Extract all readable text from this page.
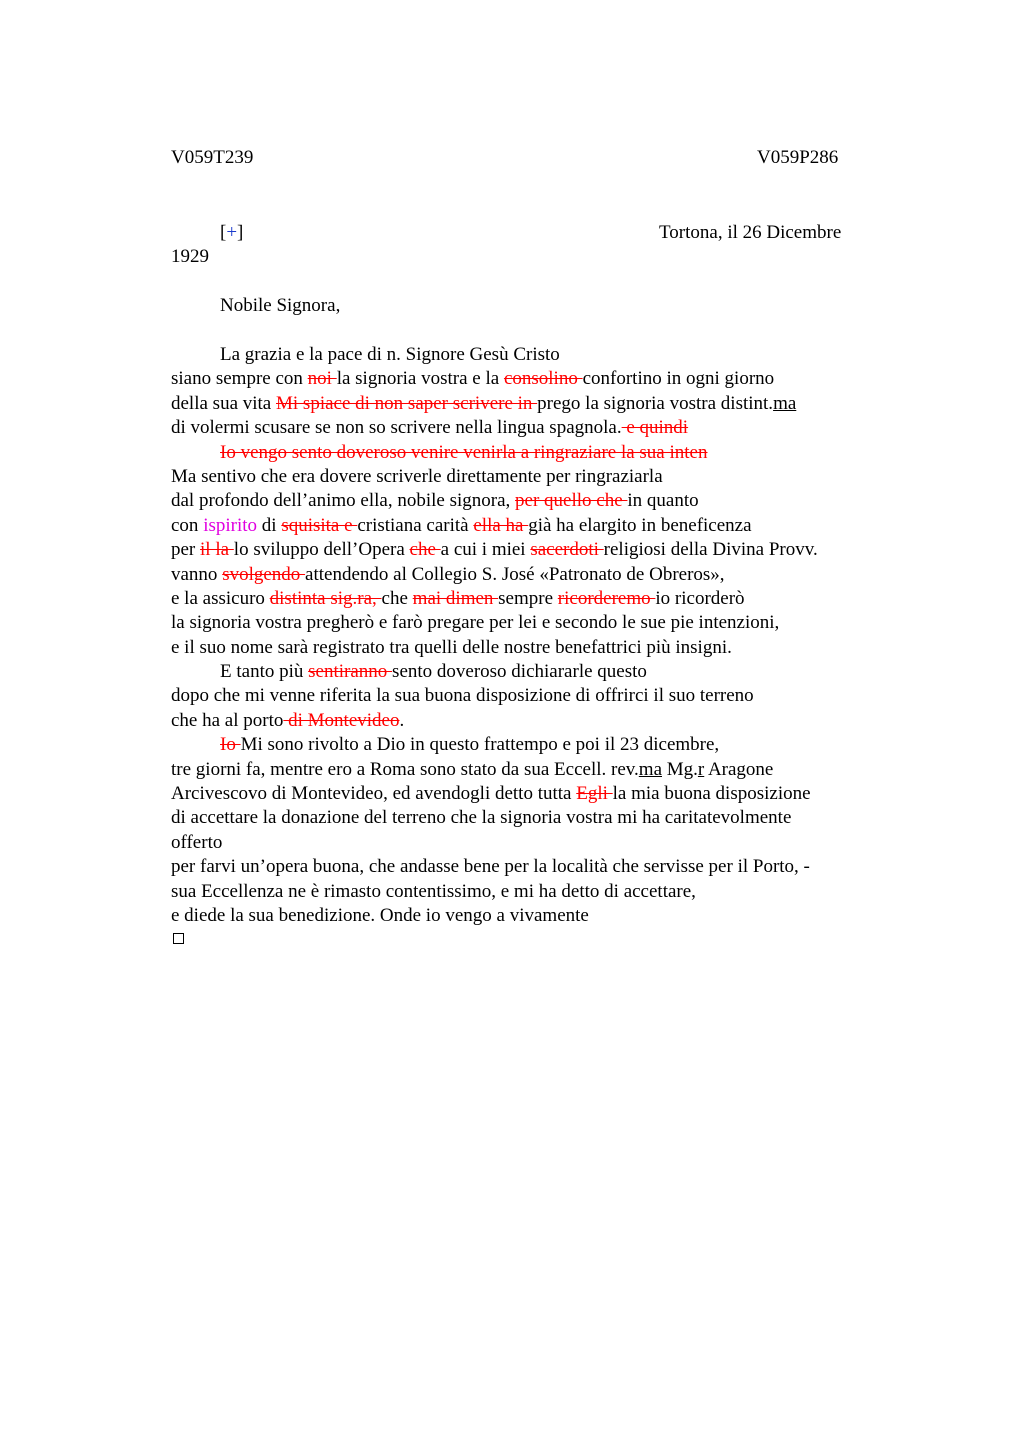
V059T239	V059P286
[+]	Tortona, il 26 Dicembre
1929
Nobile Signora,
La grazia e la pace di n. Signore Gesù Cristo
siano sempre con noi la signoria vostra e la consolino confortino in ogni giorno
della sua vita Mi spiace di non saper scrivere in prego la signoria vostra distint.ma
di volermi scusare se non so scrivere nella lingua spagnola. e quindi
Io vengo sento doveroso venire venirla a ringraziare la sua inten
Ma sentivo che era dovere scriverle direttamente per ringraziarla
dal profondo dell’animo ella, nobile signora, per quello che in quanto
con ispirito di squisita e cristiana carità ella ha già ha elargito in beneficenza
per il la lo sviluppo dell’Opera che a cui i miei sacerdoti religiosi della Divina Provv.
vanno svolgendo attendendo al Collegio S. José «Patronato de Obreros»,
e la assicuro distinta sig.ra, che mai dimen sempre ricorderemo io ricorderò
la signoria vostra pregherò e farò pregare per lei e secondo le sue pie intenzioni,
e il suo nome sarà registrato tra quelli delle nostre benefattrici più insigni.
E tanto più sentiranno sento doveroso dichiararle questo
dopo che mi venne riferita la sua buona disposizione di offrirci il suo terreno
che ha al porto di Montevideo.
Io Mi sono rivolto a Dio in questo frattempo e poi il 23 dicembre,
tre giorni fa, mentre ero a Roma sono stato da sua Eccell. rev.ma Mg.r Aragone
Arcivescovo di Montevideo, ed avendogli detto tutta Egli la mia buona disposizione
di accettare la donazione del terreno che la signoria vostra mi ha caritatevolmente
offerto
per farvi un’opera buona, che andasse bene per la località che servisse per il Porto, -
sua Eccellenza ne è rimasto contentissimo, e mi ha detto di accettare,
e diede la sua benedizione. Onde io vengo a vivamente
